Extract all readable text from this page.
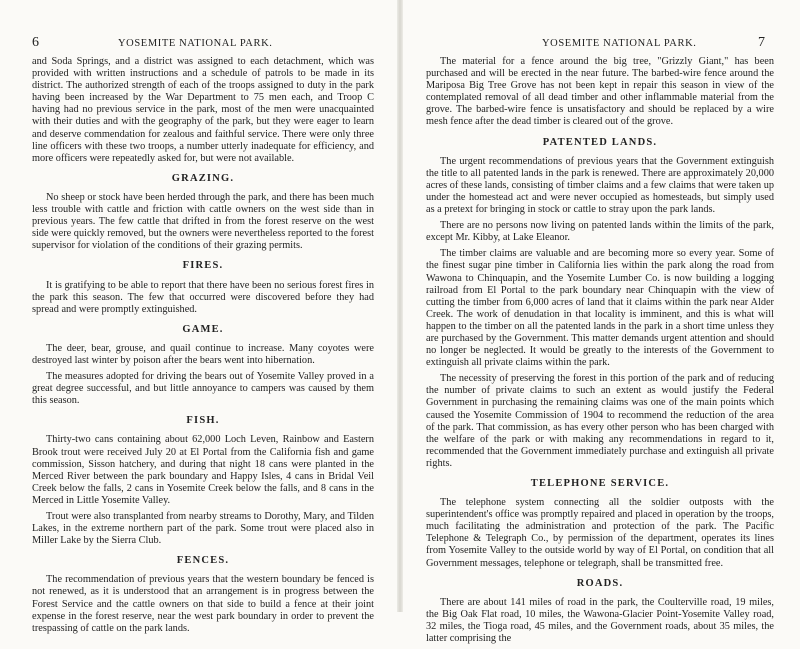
6	YOSEMITE NATIONAL PARK.

and Soda Springs, and a district was assigned to each detachment, which was provided with written instructions and a schedule of patrols to be made in its district. The authorized strength of each of the troops assigned to duty in the park having been increased by the War Department to 75 men each, and Troop C having had no previous service in the park, most of the men were unacquainted with their duties and with the geography of the park, but they were eager to learn and deserve commendation for zealous and faithful service. There were only three line officers with these two troops, a number utterly inadequate for efficiency, and more officers were repeatedly asked for, but were not available.

GRAZING.

No sheep or stock have been herded through the park, and there has been much less trouble with cattle and friction with cattle owners on the west side than in previous years. The few cattle that drifted in from the forest reserve on the west side were quickly removed, but the owners were nevertheless reported to the forest supervisor for violation of the conditions of their grazing permits.

FIRES.

It is gratifying to be able to report that there have been no serious forest fires in the park this season. The few that occurred were discovered before they had spread and were promptly extinguished.

GAME.

The deer, bear, grouse, and quail continue to increase. Many coyotes were destroyed last winter by poison after the bears went into hibernation.

The measures adopted for driving the bears out of Yosemite Valley proved in a great degree successful, and but little annoyance to campers was caused by them this season.

FISH.

Thirty-two cans containing about 62,000 Loch Leven, Rainbow and Eastern Brook trout were received July 20 at El Portal from the California fish and game commission, Sisson hatchery, and during that night 18 cans were planted in the Merced River between the park boundary and Happy Isles, 4 cans in Bridal Veil Creek below the falls, 2 cans in Yosemite Creek below the falls, and 8 cans in the Merced in Little Yosemite Valley.

Trout were also transplanted from nearby streams to Dorothy, Mary, and Tilden Lakes, in the extreme northern part of the park. Some trout were placed also in Miller Lake by the Sierra Club.

FENCES.

The recommendation of previous years that the western boundary be fenced is not renewed, as it is understood that an arrangement is in progress between the Forest Service and the cattle owners on that side to build a fence at their joint expense in the forest reserve, near the west park boundary in order to prevent the trespassing of cattle on the park lands.

YOSEMITE NATIONAL PARK.	7

The material for a fence around the big tree, "Grizzly Giant," has been purchased and will be erected in the near future. The barbed-wire fence around the Mariposa Big Tree Grove has not been kept in repair this season in view of the contemplated removal of all dead timber and other inflammable material from the grove. The barbed-wire fence is unsatisfactory and should be replaced by a wire mesh fence after the dead timber is cleared out of the grove.

PATENTED LANDS.

The urgent recommendations of previous years that the Government extinguish the title to all patented lands in the park is renewed. There are approximately 20,000 acres of these lands, consisting of timber claims and a few claims that were taken up under the homestead act and were never occupied as homesteads, but simply used as a pretext for bringing in stock or cattle to stray upon the park lands.

There are no persons now living on patented lands within the limits of the park, except Mr. Kibby, at Lake Eleanor.

The timber claims are valuable and are becoming more so every year. Some of the finest sugar pine timber in California lies within the park along the road from Wawona to Chinquapin, and the Yosemite Lumber Co. is now building a logging railroad from El Portal to the park boundary near Chinquapin with the view of cutting the timber from 6,000 acres of land that it claims within the park near Alder Creek. The work of denudation in that locality is imminent, and this is what will happen to the timber on all the patented lands in the park in a short time unless they are purchased by the Government. This matter demands urgent attention and should no longer be neglected. It would be greatly to the interests of the Government to extinguish all private claims within the park.

The necessity of preserving the forest in this portion of the park and of reducing the number of private claims to such an extent as would justify the Federal Government in purchasing the remaining claims was one of the main points which caused the Yosemite Commission of 1904 to recommend the reduction of the area of the park. That commission, as has every other person who has been charged with the welfare of the park or with making any recommendations in regard to it, recommended that the Government immediately purchase and extinguish all private rights.

TELEPHONE SERVICE.

The telephone system connecting all the soldier outposts with the superintendent's office was promptly repaired and placed in operation by the troops, much facilitating the administration and protection of the park. The Pacific Telephone & Telegraph Co., by permission of the department, operates its lines from Yosemite Valley to the outside world by way of El Portal, on condition that all Government messages, telephone or telegraph, shall be transmitted free.

ROADS.

There are about 141 miles of road in the park, the Coulterville road, 19 miles, the Big Oak Flat road, 10 miles, the Wawona-Glacier Point-Yosemite Valley road, 32 miles, the Tioga road, 45 miles, and the Government roads, about 35 miles, the latter comprising the
